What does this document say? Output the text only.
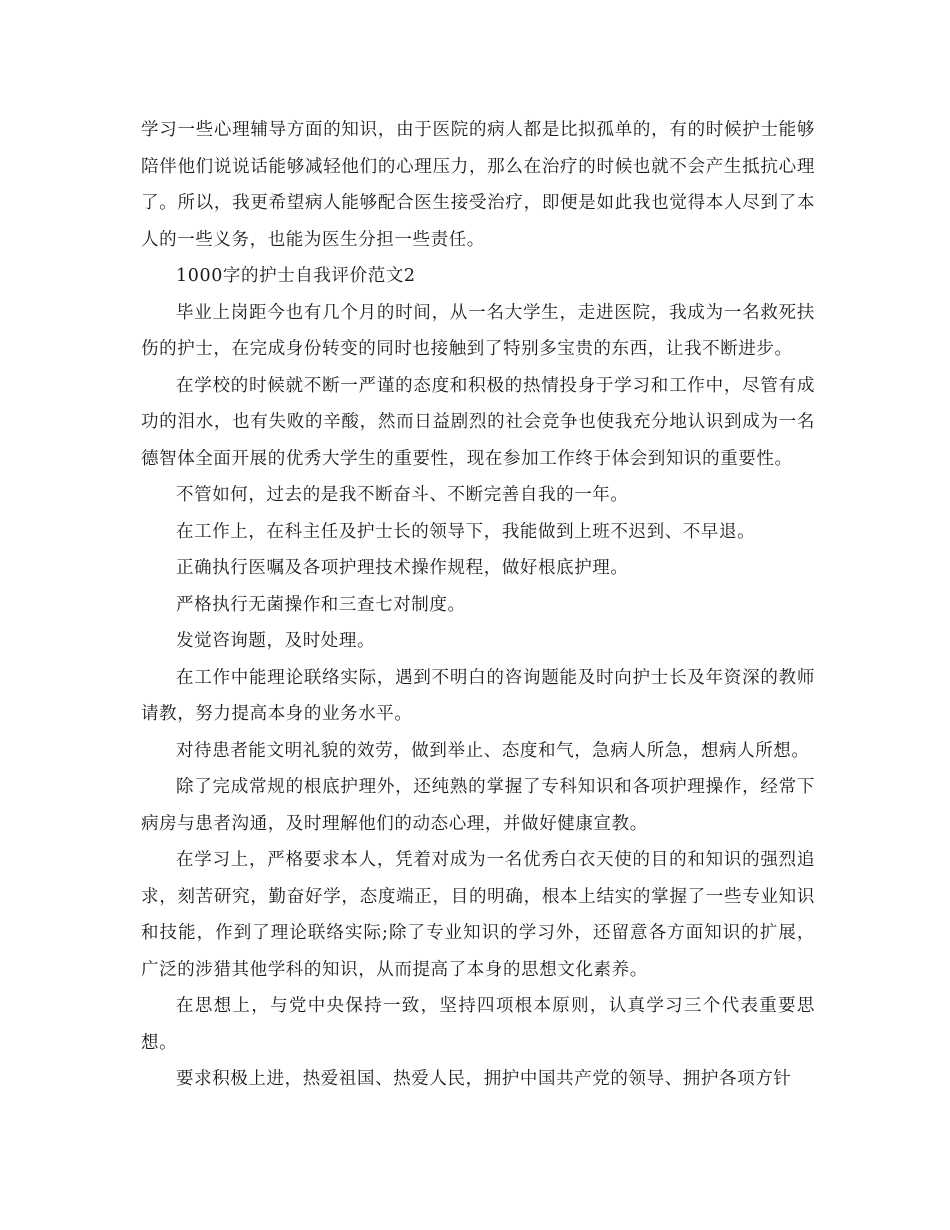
学习一些心理辅导方面的知识，由于医院的病人都是比拟孤单的，有的时候护士能够陪伴他们说说话能够减轻他们的心理压力，那么在治疗的时候也就不会产生抵抗心理了。所以，我更希望病人能够配合医生接受治疗，即便是如此我也觉得本人尽到了本人的一些义务，也能为医生分担一些责任。

1000字的护士自我评价范文2

毕业上岗距今也有几个月的时间，从一名大学生，走进医院，我成为一名救死扶伤的护士，在完成身份转变的同时也接触到了特别多宝贵的东西，让我不断进步。

在学校的时候就不断一严谨的态度和积极的热情投身于学习和工作中，尽管有成功的泪水，也有失败的辛酸，然而日益剧烈的社会竞争也使我充分地认识到成为一名德智体全面开展的优秀大学生的重要性，现在参加工作终于体会到知识的重要性。

不管如何，过去的是我不断奋斗、不断完善自我的一年。

在工作上，在科主任及护士长的领导下，我能做到上班不迟到、不早退。

正确执行医嘱及各项护理技术操作规程，做好根底护理。

严格执行无菌操作和三查七对制度。

发觉咨询题，及时处理。

在工作中能理论联络实际，遇到不明白的咨询题能及时向护士长及年资深的教师请教，努力提高本身的业务水平。

对待患者能文明礼貌的效劳，做到举止、态度和气，急病人所急，想病人所想。

除了完成常规的根底护理外，还纯熟的掌握了专科知识和各项护理操作，经常下病房与患者沟通，及时理解他们的动态心理，并做好健康宣教。

在学习上，严格要求本人，凭着对成为一名优秀白衣天使的目的和知识的强烈追求，刻苦研究，勤奋好学，态度端正，目的明确，根本上结实的掌握了一些专业知识和技能，作到了理论联络实际;除了专业知识的学习外，还留意各方面知识的扩展，广泛的涉猎其他学科的知识，从而提高了本身的思想文化素养。

在思想上，与党中央保持一致，坚持四项根本原则，认真学习三个代表重要思想。

要求积极上进，热爱祖国、热爱人民，拥护中国共产党的领导、拥护各项方针
